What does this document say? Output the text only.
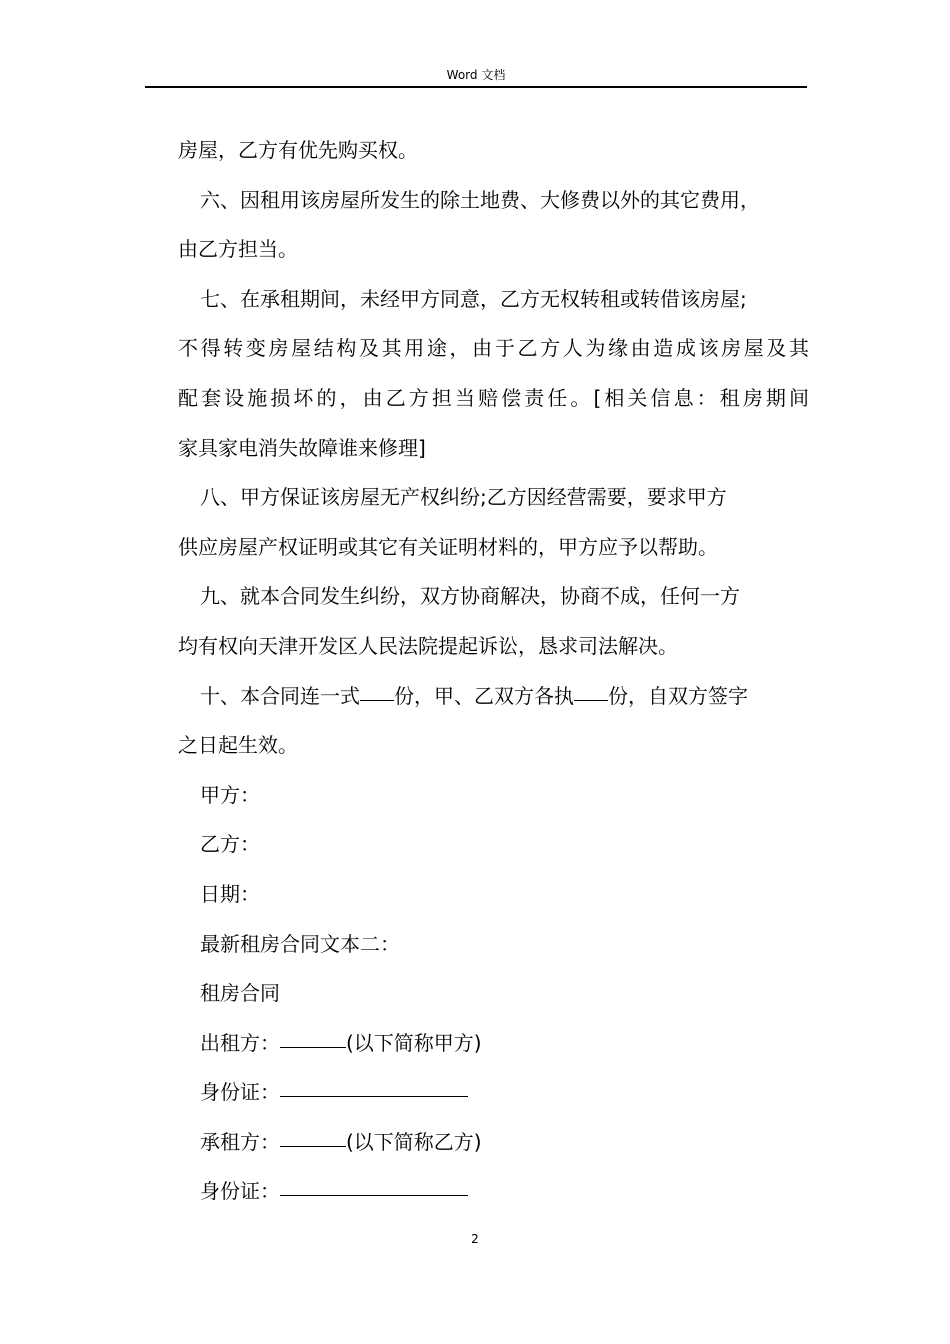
Word 文档
房屋，乙方有优先购买权。
六、因租用该房屋所发生的除土地费、大修费以外的其它费用，
由乙方担当。
七、在承租期间，未经甲方同意，乙方无权转租或转借该房屋;
不得转变房屋结构及其用途，由于乙方人为缘由造成该房屋及其
配套设施损坏的，由乙方担当赔偿责任。[相关信息：租房期间
家具家电消失故障谁来修理]
八、甲方保证该房屋无产权纠纷;乙方因经营需要，要求甲方
供应房屋产权证明或其它有关证明材料的，甲方应予以帮助。
九、就本合同发生纠纷，双方协商解决，协商不成，任何一方
均有权向天津开发区人民法院提起诉讼，恳求司法解决。
十、本合同连一式 份，甲、乙双方各执 份，自双方签字
之日起生效。
甲方：
乙方：
日期：
最新租房合同文本二：
租房合同
出租方：	(以下简称甲方)
身份证：
承租方：	(以下简称乙方)
身份证：
2
